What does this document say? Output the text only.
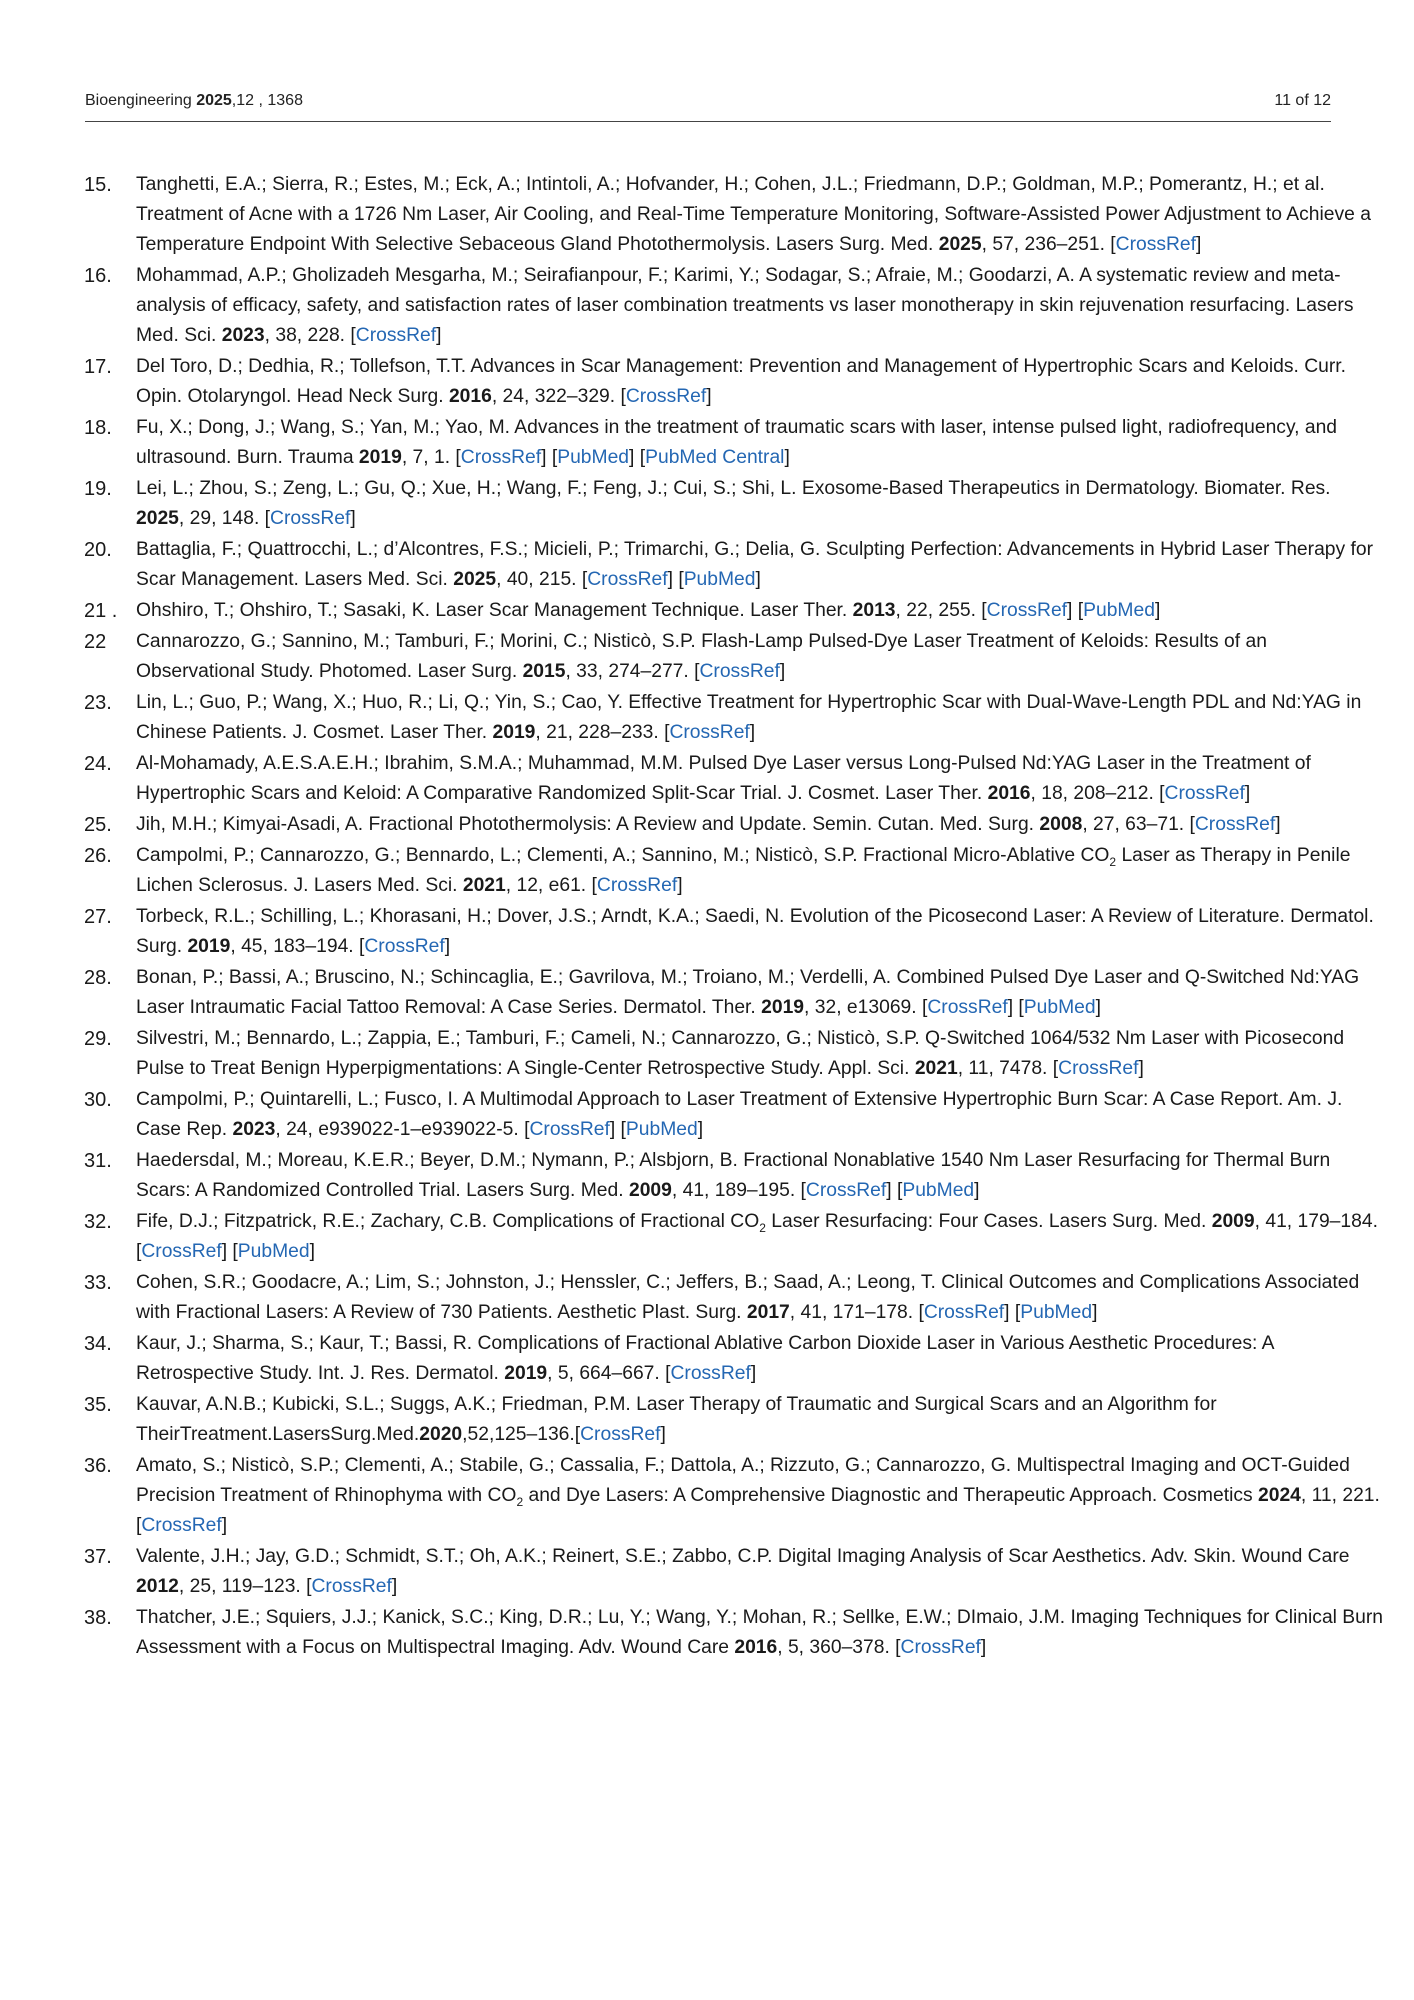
Bioengineering 2025,12 , 1368	11 of 12
15.	Tanghetti, E.A.; Sierra, R.; Estes, M.; Eck, A.; Intintoli, A.; Hofvander, H.; Cohen, J.L.; Friedmann, D.P.; Goldman, M.P.; Pomerantz, H.; et al. Treatment of Acne with a 1726 Nm Laser, Air Cooling, and Real-Time Temperature Monitoring, Software-Assisted Power Adjustment to Achieve a Temperature Endpoint With Selective Sebaceous Gland Photothermolysis. Lasers Surg. Med. 2025, 57, 236–251. [CrossRef]
16.	Mohammad, A.P.; Gholizadeh Mesgarha, M.; Seirafianpour, F.; Karimi, Y.; Sodagar, S.; Afraie, M.; Goodarzi, A. A systematic review and meta-analysis of efficacy, safety, and satisfaction rates of laser combination treatments vs laser monotherapy in skin rejuvenation resurfacing. Lasers Med. Sci. 2023, 38, 228. [CrossRef]
17.	Del Toro, D.; Dedhia, R.; Tollefson, T.T. Advances in Scar Management: Prevention and Management of Hypertrophic Scars and Keloids. Curr. Opin. Otolaryngol. Head Neck Surg. 2016, 24, 322–329. [CrossRef]
18.	Fu, X.; Dong, J.; Wang, S.; Yan, M.; Yao, M. Advances in the treatment of traumatic scars with laser, intense pulsed light, radiofrequency, and ultrasound. Burn. Trauma 2019, 7, 1. [CrossRef] [PubMed] [PubMed Central]
19.	Lei, L.; Zhou, S.; Zeng, L.; Gu, Q.; Xue, H.; Wang, F.; Feng, J.; Cui, S.; Shi, L. Exosome-Based Therapeutics in Dermatology. Biomater. Res. 2025, 29, 148. [CrossRef]
20.	Battaglia, F.; Quattrocchi, L.; d’Alcontres, F.S.; Micieli, P.; Trimarchi, G.; Delia, G. Sculpting Perfection: Advancements in Hybrid Laser Therapy for Scar Management. Lasers Med. Sci. 2025, 40, 215. [CrossRef] [PubMed]
21 . Ohshiro, T.; Ohshiro, T.; Sasaki, K. Laser Scar Management Technique. Laser Ther. 2013, 22, 255. [CrossRef] [PubMed]
22	Cannarozzo, G.; Sannino, M.; Tamburi, F.; Morini, C.; Nisticò, S.P. Flash-Lamp Pulsed-Dye Laser Treatment of Keloids: Results of an Observational Study. Photomed. Laser Surg. 2015, 33, 274–277. [CrossRef]
23.	Lin, L.; Guo, P.; Wang, X.; Huo, R.; Li, Q.; Yin, S.; Cao, Y. Effective Treatment for Hypertrophic Scar with Dual-Wave-Length PDL and Nd:YAG in Chinese Patients. J. Cosmet. Laser Ther. 2019, 21, 228–233. [CrossRef]
24.	Al-Mohamady, A.E.S.A.E.H.; Ibrahim, S.M.A.; Muhammad, M.M. Pulsed Dye Laser versus Long-Pulsed Nd:YAG Laser in the Treatment of Hypertrophic Scars and Keloid: A Comparative Randomized Split-Scar Trial. J. Cosmet. Laser Ther. 2016, 18, 208–212. [CrossRef]
25.	Jih, M.H.; Kimyai-Asadi, A. Fractional Photothermolysis: A Review and Update. Semin. Cutan. Med. Surg. 2008, 27, 63–71. [CrossRef]
26.	Campolmi, P.; Cannarozzo, G.; Bennardo, L.; Clementi, A.; Sannino, M.; Nisticò, S.P. Fractional Micro-Ablative $CO_2$ Laser as Therapy in Penile Lichen Sclerosus. J. Lasers Med. Sci. 2021, 12, e61. [CrossRef]
27.	Torbeck, R.L.; Schilling, L.; Khorasani, H.; Dover, J.S.; Arndt, K.A.; Saedi, N. Evolution of the Picosecond Laser: A Review of Literature. Dermatol. Surg. 2019, 45, 183–194. [CrossRef]
28.	Bonan, P.; Bassi, A.; Bruscino, N.; Schincaglia, E.; Gavrilova, M.; Troiano, M.; Verdelli, A. Combined Pulsed Dye Laser and Q-Switched Nd:YAG Laser Intraumatic Facial Tattoo Removal: A Case Series. Dermatol. Ther. 2019, 32, e13069. [CrossRef] [PubMed]
29.	Silvestri, M.; Bennardo, L.; Zappia, E.; Tamburi, F.; Cameli, N.; Cannarozzo, G.; Nisticò, S.P. Q-Switched 1064/532 Nm Laser with Picosecond Pulse to Treat Benign Hyperpigmentations: A Single-Center Retrospective Study. Appl. Sci. 2021, 11, 7478. [CrossRef]
30.	Campolmi, P.; Quintarelli, L.; Fusco, I. A Multimodal Approach to Laser Treatment of Extensive Hypertrophic Burn Scar: A Case Report. Am. J. Case Rep. 2023, 24, e939022-1–e939022-5. [CrossRef] [PubMed]
31.	Haedersdal, M.; Moreau, K.E.R.; Beyer, D.M.; Nymann, P.; Alsbjorn, B. Fractional Nonablative 1540 Nm Laser Resurfacing for Thermal Burn Scars: A Randomized Controlled Trial. Lasers Surg. Med. 2009, 41, 189–195. [CrossRef] [PubMed]
32.	Fife, D.J.; Fitzpatrick, R.E.; Zachary, C.B. Complications of Fractional $CO_2$ Laser Resurfacing: Four Cases. Lasers Surg. Med. 2009, 41, 179–184. [CrossRef] [PubMed]
33.	Cohen, S.R.; Goodacre, A.; Lim, S.; Johnston, J.; Henssler, C.; Jeffers, B.; Saad, A.; Leong, T. Clinical Outcomes and Complications Associated with Fractional Lasers: A Review of 730 Patients. Aesthetic Plast. Surg. 2017, 41, 171–178. [CrossRef] [PubMed]
34.	Kaur, J.; Sharma, S.; Kaur, T.; Bassi, R. Complications of Fractional Ablative Carbon Dioxide Laser in Various Aesthetic Procedures: A Retrospective Study. Int. J. Res. Dermatol. 2019, 5, 664–667. [CrossRef]
35.	Kauvar, A.N.B.; Kubicki, S.L.; Suggs, A.K.; Friedman, P.M. Laser Therapy of Traumatic and Surgical Scars and an Algorithm for TheirTreatment.LasersSurg.Med.2020,52,125–136.[CrossRef]
36.	Amato, S.; Nisticò, S.P.; Clementi, A.; Stabile, G.; Cassalia, F.; Dattola, A.; Rizzuto, G.; Cannarozzo, G. Multispectral Imaging and OCT-Guided Precision Treatment of Rhinophyma with $CO_2$ and Dye Lasers: A Comprehensive Diagnostic and Therapeutic Approach. Cosmetics 2024, 11, 221. [CrossRef]
37.	Valente, J.H.; Jay, G.D.; Schmidt, S.T.; Oh, A.K.; Reinert, S.E.; Zabbo, C.P. Digital Imaging Analysis of Scar Aesthetics. Adv. Skin. Wound Care 2012, 25, 119–123. [CrossRef]
38.	Thatcher, J.E.; Squiers, J.J.; Kanick, S.C.; King, D.R.; Lu, Y.; Wang, Y.; Mohan, R.; Sellke, E.W.; DImaio, J.M. Imaging Techniques for Clinical Burn Assessment with a Focus on Multispectral Imaging. Adv. Wound Care 2016, 5, 360–378. [CrossRef]
